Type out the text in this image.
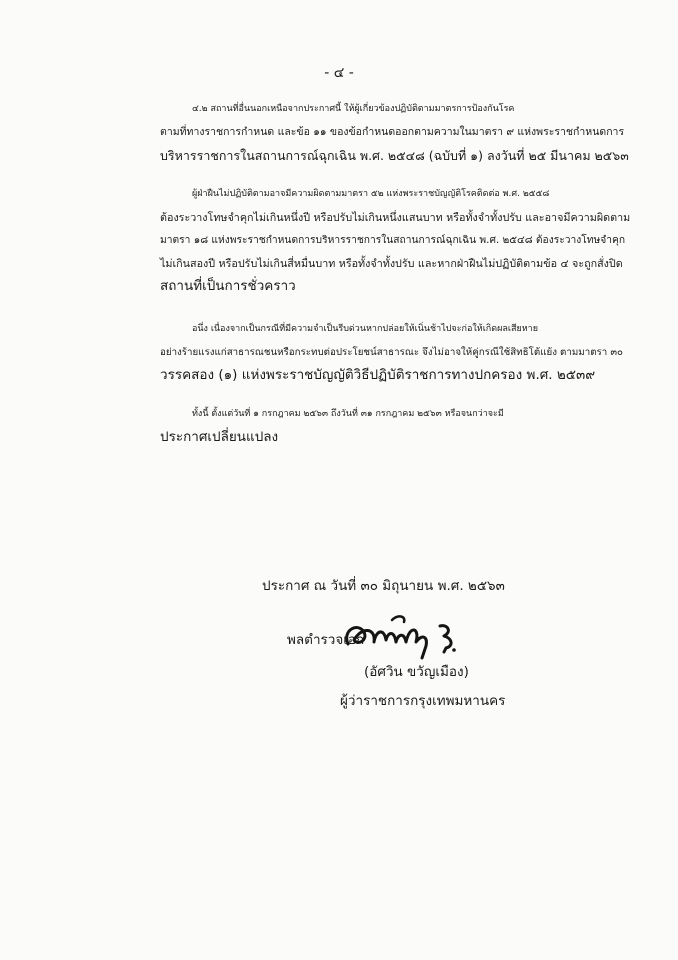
- ๔ -

๔.๒ สถานที่อื่นนอกเหนือจากประกาศนี้ ให้ผู้เกี่ยวข้องปฏิบัติตามมาตรการป้องกันโรค
ตามที่ทางราชการกำหนด และข้อ ๑๑ ของข้อกำหนดออกตามความในมาตรา ๙ แห่งพระราชกำหนดการ
บริหารราชการในสถานการณ์ฉุกเฉิน พ.ศ. ๒๕๔๘ (ฉบับที่ ๑) ลงวันที่ ๒๕ มีนาคม ๒๕๖๓

ผู้ฝ่าฝืนไม่ปฏิบัติตามอาจมีความผิดตามมาตรา ๕๒ แห่งพระราชบัญญัติโรคติดต่อ พ.ศ. ๒๕๕๘
ต้องระวางโทษจำคุกไม่เกินหนึ่งปี หรือปรับไม่เกินหนึ่งแสนบาท หรือทั้งจำทั้งปรับ และอาจมีความผิดตาม
มาตรา ๑๘ แห่งพระราชกำหนดการบริหารราชการในสถานการณ์ฉุกเฉิน พ.ศ. ๒๕๔๘ ต้องระวางโทษจำคุก
ไม่เกินสองปี หรือปรับไม่เกินสี่หมื่นบาท หรือทั้งจำทั้งปรับ และหากฝ่าฝืนไม่ปฏิบัติตามข้อ ๔ จะถูกสั่งปิด
สถานที่เป็นการชั่วคราว

อนึ่ง เนื่องจากเป็นกรณีที่มีความจำเป็นรีบด่วนหากปล่อยให้เนิ่นช้าไปจะก่อให้เกิดผลเสียหาย
อย่างร้ายแรงแก่สาธารณชนหรือกระทบต่อประโยชน์สาธารณะ จึงไม่อาจให้คู่กรณีใช้สิทธิโต้แย้ง ตามมาตรา ๓๐
วรรคสอง (๑) แห่งพระราชบัญญัติวิธีปฏิบัติราชการทางปกครอง พ.ศ. ๒๕๓๙

ทั้งนี้ ตั้งแต่วันที่ ๑ กรกฎาคม ๒๕๖๓ ถึงวันที่ ๓๑ กรกฎาคม ๒๕๖๓ หรือจนกว่าจะมี
ประกาศเปลี่ยนแปลง

ประกาศ ณ วันที่ ๓๐ มิถุนายน พ.ศ. ๒๕๖๓
พลตำรวจเอก
(อัศวิน ขวัญเมือง)
ผู้ว่าราชการกรุงเทพมหานคร
